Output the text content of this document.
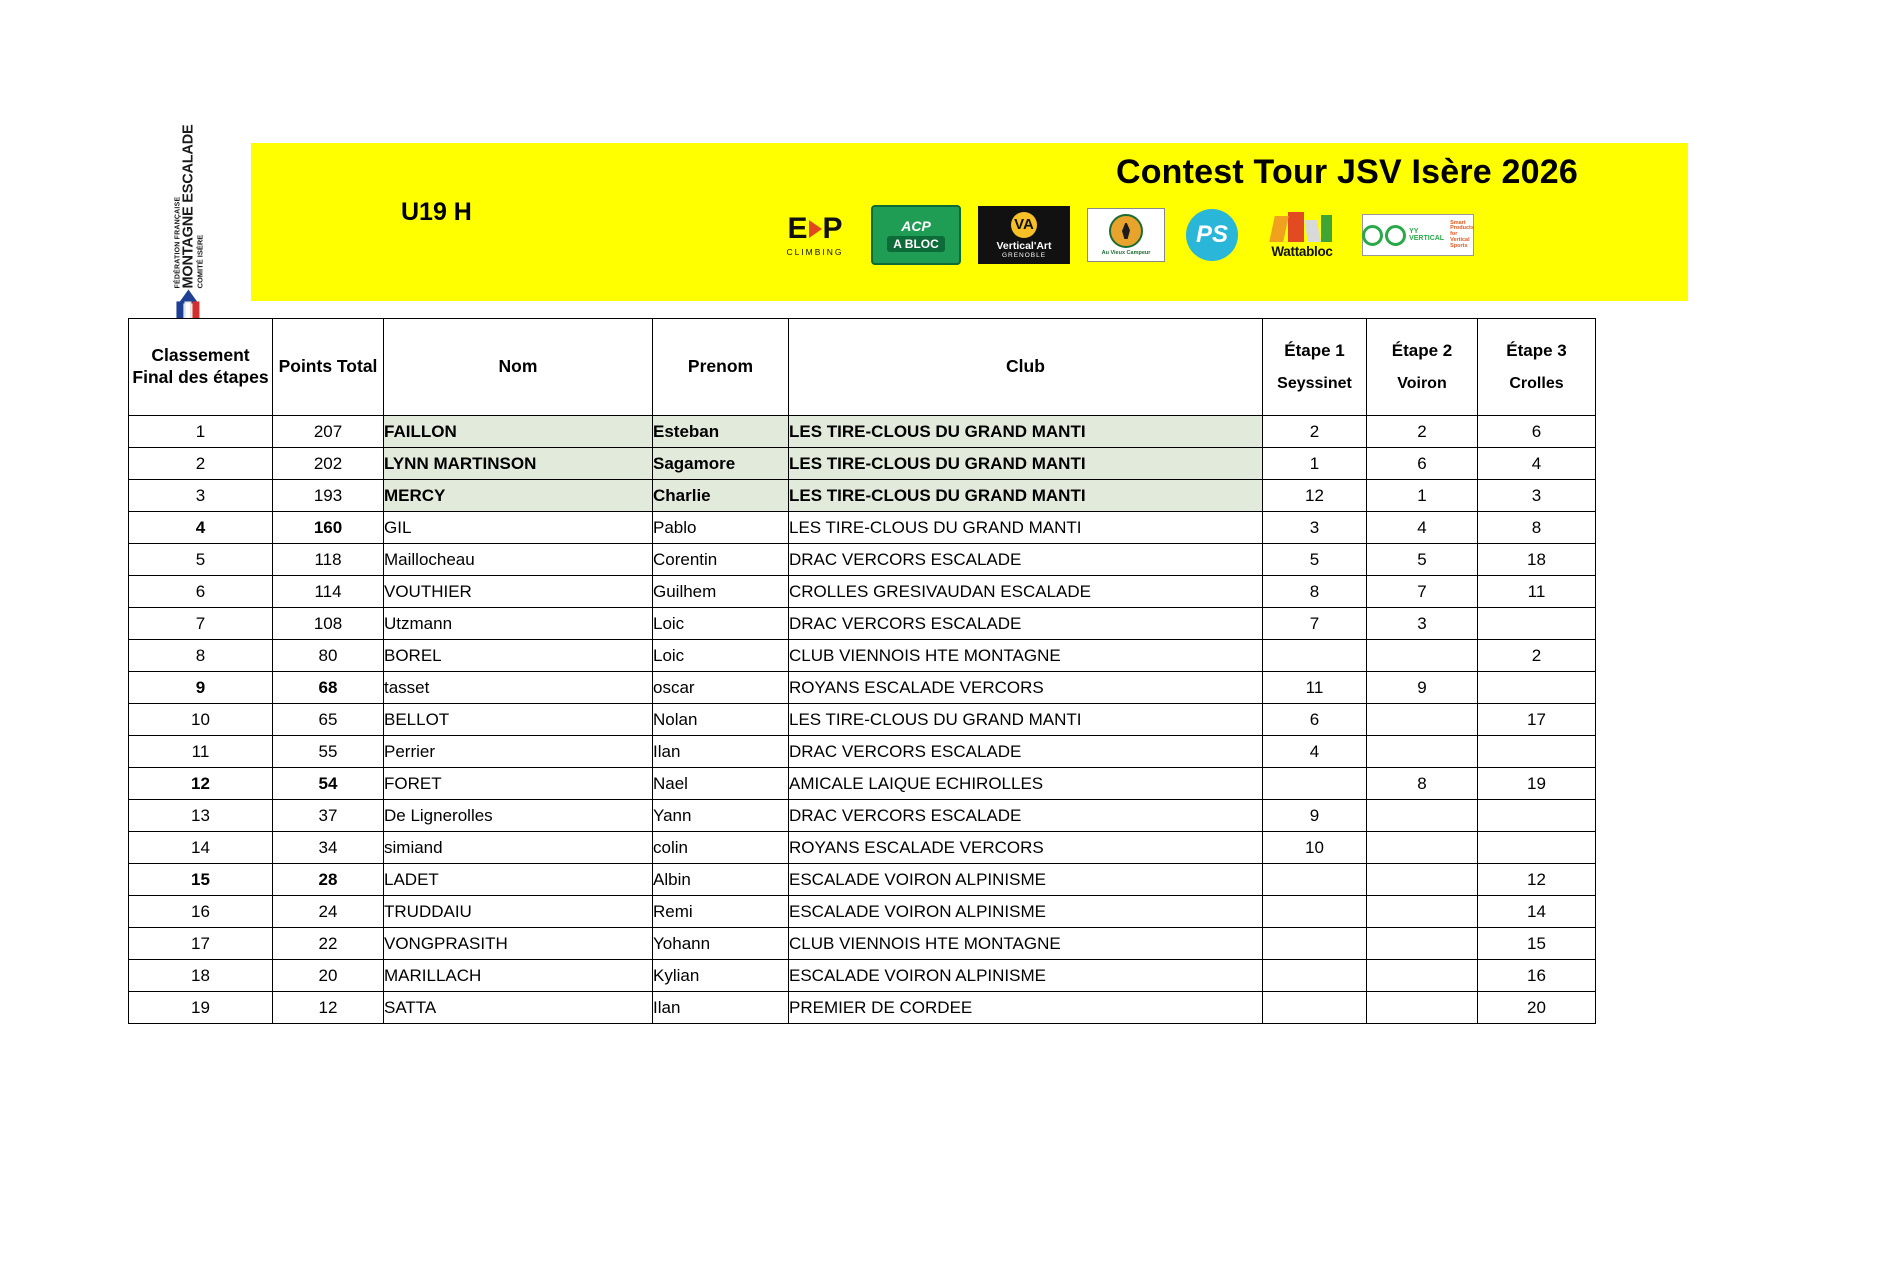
FÉDÉRATION FRANÇAISE MONTAGNE ESCALADE COMITÉ ISÈRE
Contest Tour JSV Isère 2026
U19 H	E P
CLIMBING
ACP
A BLOC
VA
Vertical'Art
GRENOBLE	Au Vieux Campeur
PS
Wattabloc
YY VERTICAL
Smart Products for Vertical Sports
Classement Final des étapes	Points Total	Nom	Prenom	Club	
Étape 1
Seyssinet

Étape 2
Voiron

Étape 3
Crolles

1	207	FAILLON	Esteban	LES TIRE-CLOUS DU GRAND MANTI	2	2	6
2	202	LYNN MARTINSON	Sagamore	LES TIRE-CLOUS DU GRAND MANTI	1	6	4
3	193	MERCY	Charlie	LES TIRE-CLOUS DU GRAND MANTI	12	1	3
4	160	GIL	Pablo	LES TIRE-CLOUS DU GRAND MANTI	3	4	8
5	118	Maillocheau	Corentin	DRAC VERCORS ESCALADE	5	5	18
6	114	VOUTHIER	Guilhem	CROLLES GRESIVAUDAN ESCALADE	8	7	11
7	108	Utzmann	Loic	DRAC VERCORS ESCALADE	7	3	
8	80	BOREL	Loic	CLUB VIENNOIS HTE MONTAGNE			2
9	68	tasset	oscar	ROYANS ESCALADE VERCORS	11	9	
10	65	BELLOT	Nolan	LES TIRE-CLOUS DU GRAND MANTI	6		17
11	55	Perrier	Ilan	DRAC VERCORS ESCALADE	4		
12	54	FORET	Nael	AMICALE LAIQUE ECHIROLLES		8	19
13	37	De Lignerolles	Yann	DRAC VERCORS ESCALADE	9		
14	34	simiand	colin	ROYANS ESCALADE VERCORS	10		
15	28	LADET	Albin	ESCALADE VOIRON ALPINISME			12
16	24	TRUDDAIU	Remi	ESCALADE VOIRON ALPINISME			14
17	22	VONGPRASITH	Yohann	CLUB VIENNOIS HTE MONTAGNE			15
18	20	MARILLACH	Kylian	ESCALADE VOIRON ALPINISME			16
19	12	SATTA	Ilan	PREMIER DE CORDEE			20
